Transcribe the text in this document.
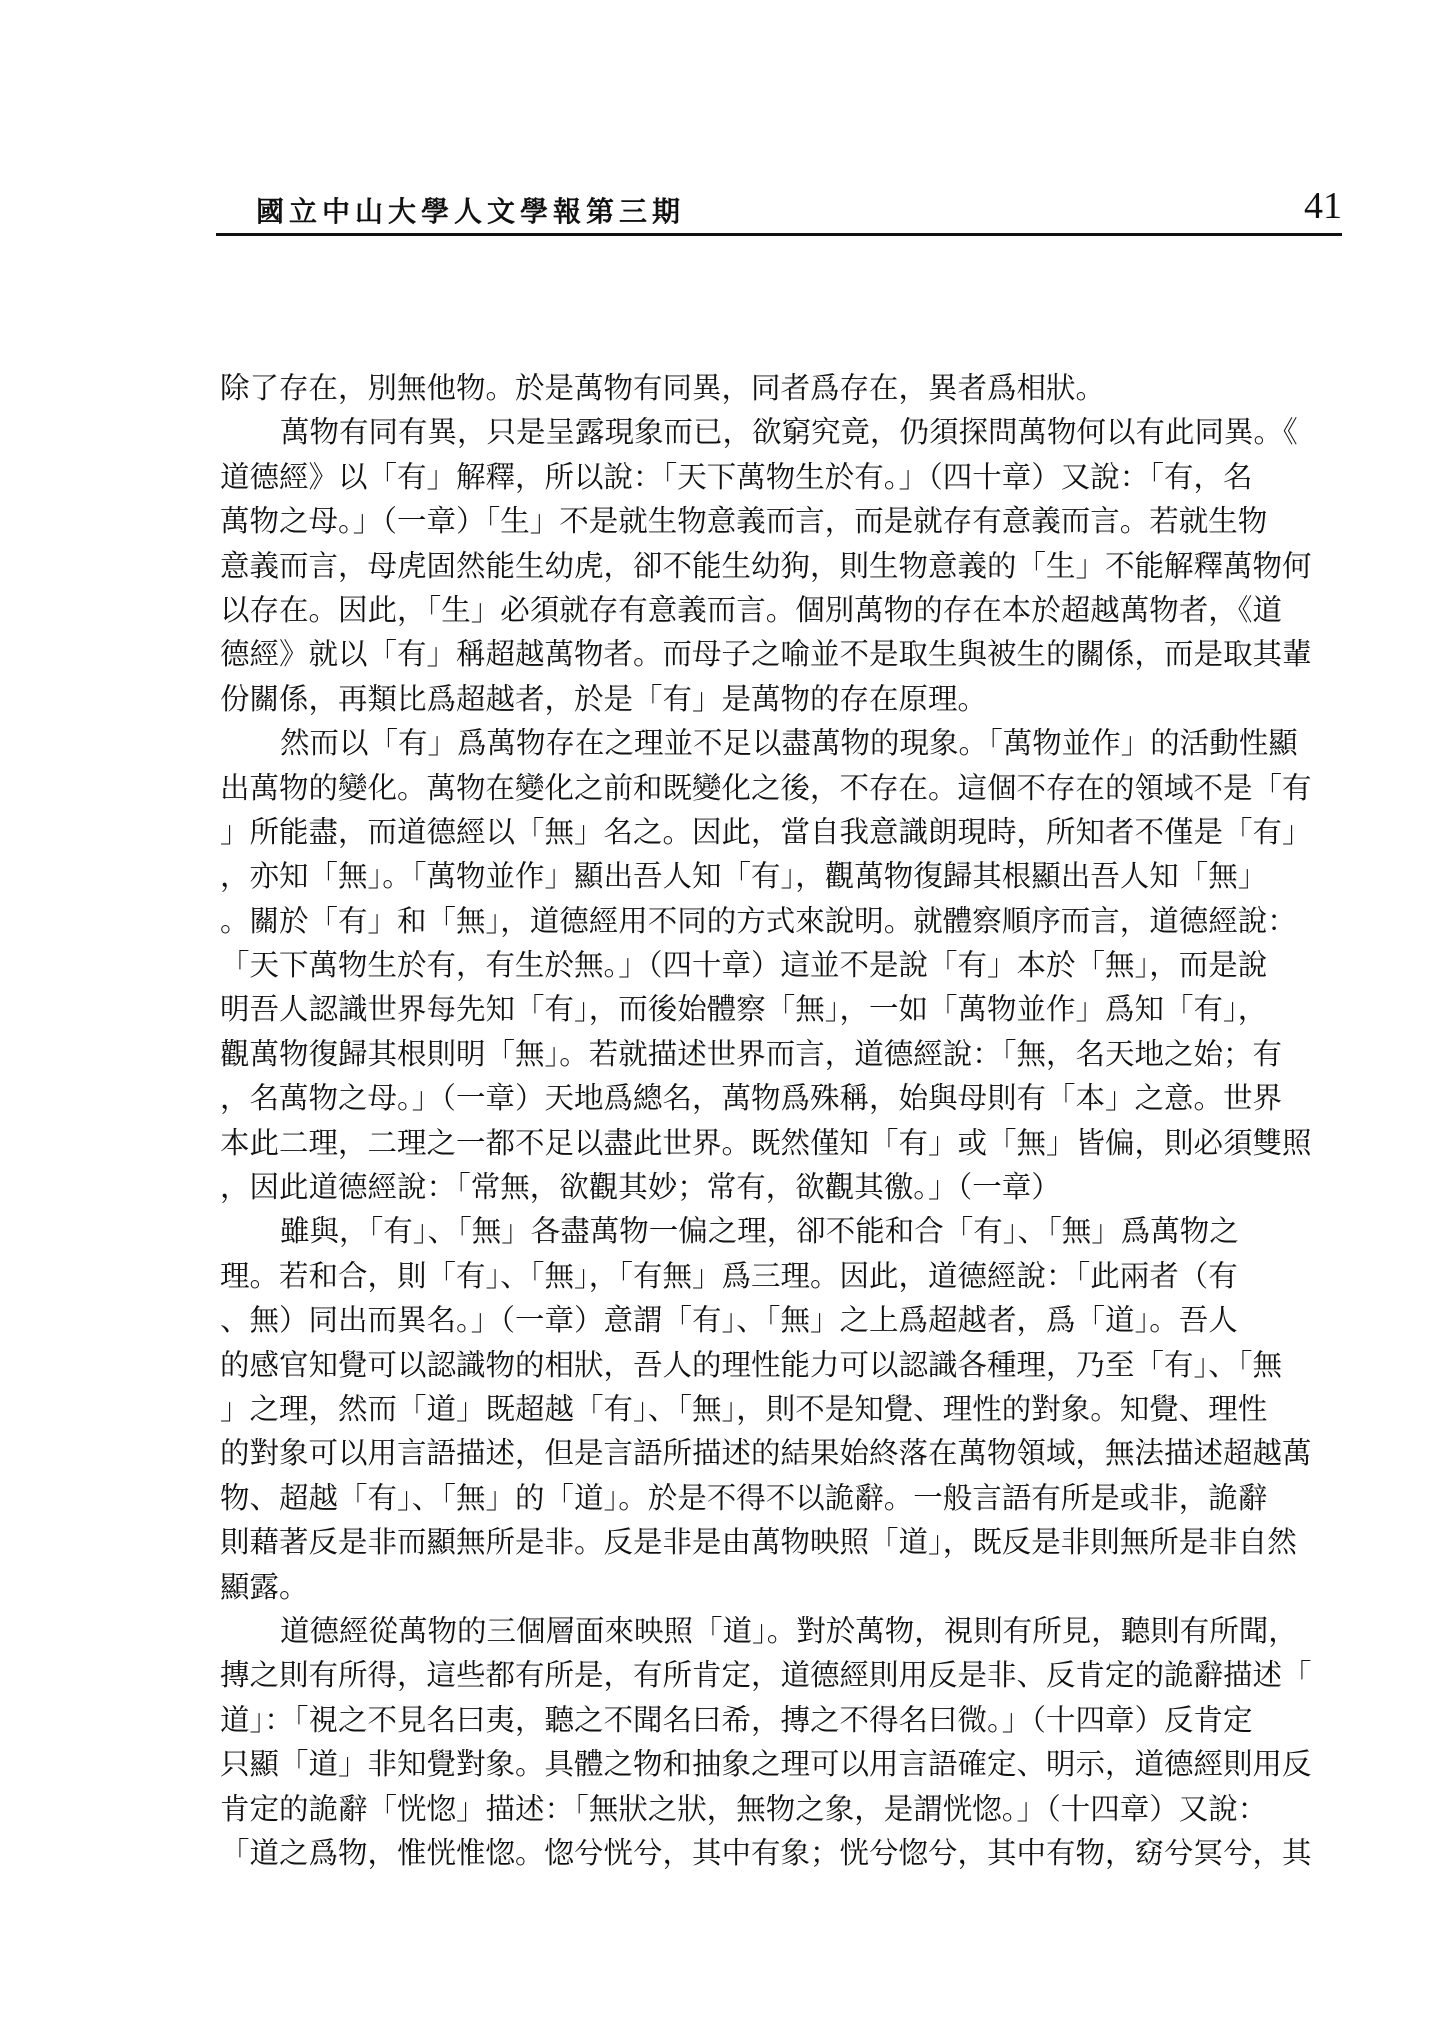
國立中山大學人文學報第三期	41
除了存在，別無他物。於是萬物有同異，同者爲存在，異者爲相狀。
萬物有同有異，只是呈露現象而已，欲窮究竟，仍須探問萬物何以有此同異。《
道德經》以「有」解釋，所以說：「天下萬物生於有。」（四十章）又說：「有，名
萬物之母。」（一章）「生」不是就生物意義而言，而是就存有意義而言。若就生物
意義而言，母虎固然能生幼虎，卻不能生幼狗，則生物意義的「生」不能解釋萬物何
以存在。因此，「生」必須就存有意義而言。個別萬物的存在本於超越萬物者，《道
德經》就以「有」稱超越萬物者。而母子之喻並不是取生與被生的關係，而是取其輩
份關係，再類比爲超越者，於是「有」是萬物的存在原理。
然而以「有」爲萬物存在之理並不足以盡萬物的現象。「萬物並作」的活動性顯
出萬物的變化。萬物在變化之前和既變化之後，不存在。這個不存在的領域不是「有
」所能盡，而道德經以「無」名之。因此，當自我意識朗現時，所知者不僅是「有」
，亦知「無」。「萬物並作」顯出吾人知「有」，觀萬物復歸其根顯出吾人知「無」
。關於「有」和「無」，道德經用不同的方式來說明。就體察順序而言，道德經說：
「天下萬物生於有，有生於無。」（四十章）這並不是說「有」本於「無」，而是說
明吾人認識世界每先知「有」，而後始體察「無」，一如「萬物並作」爲知「有」，
觀萬物復歸其根則明「無」。若就描述世界而言，道德經說：「無，名天地之始；有
，名萬物之母。」（一章）天地爲總名，萬物爲殊稱，始與母則有「本」之意。世界
本此二理，二理之一都不足以盡此世界。既然僅知「有」或「無」皆偏，則必須雙照
，因此道德經說：「常無，欲觀其妙；常有，欲觀其徼。」（一章）
雖與，「有」、「無」各盡萬物一偏之理，卻不能和合「有」、「無」爲萬物之
理。若和合，則「有」、「無」，「有無」爲三理。因此，道德經說：「此兩者（有
、無）同出而異名。」（一章）意謂「有」、「無」之上爲超越者，爲「道」。吾人
的感官知覺可以認識物的相狀，吾人的理性能力可以認識各種理，乃至「有」、「無
」之理，然而「道」既超越「有」、「無」，則不是知覺、理性的對象。知覺、理性
的對象可以用言語描述，但是言語所描述的結果始終落在萬物領域，無法描述超越萬
物、超越「有」、「無」的「道」。於是不得不以詭辭。一般言語有所是或非，詭辭
則藉著反是非而顯無所是非。反是非是由萬物映照「道」，既反是非則無所是非自然
顯露。
道德經從萬物的三個層面來映照「道」。對於萬物，視則有所見，聽則有所聞，
摶之則有所得，這些都有所是，有所肯定，道德經則用反是非、反肯定的詭辭描述「
道」：「視之不見名曰夷，聽之不聞名曰希，摶之不得名曰微。」（十四章）反肯定
只顯「道」非知覺對象。具體之物和抽象之理可以用言語確定、明示，道德經則用反
肯定的詭辭「恍惚」描述：「無狀之狀，無物之象，是謂恍惚。」（十四章）又說：
「道之爲物，惟恍惟惚。惚兮恍兮，其中有象；恍兮惚兮，其中有物，窈兮冥兮，其
